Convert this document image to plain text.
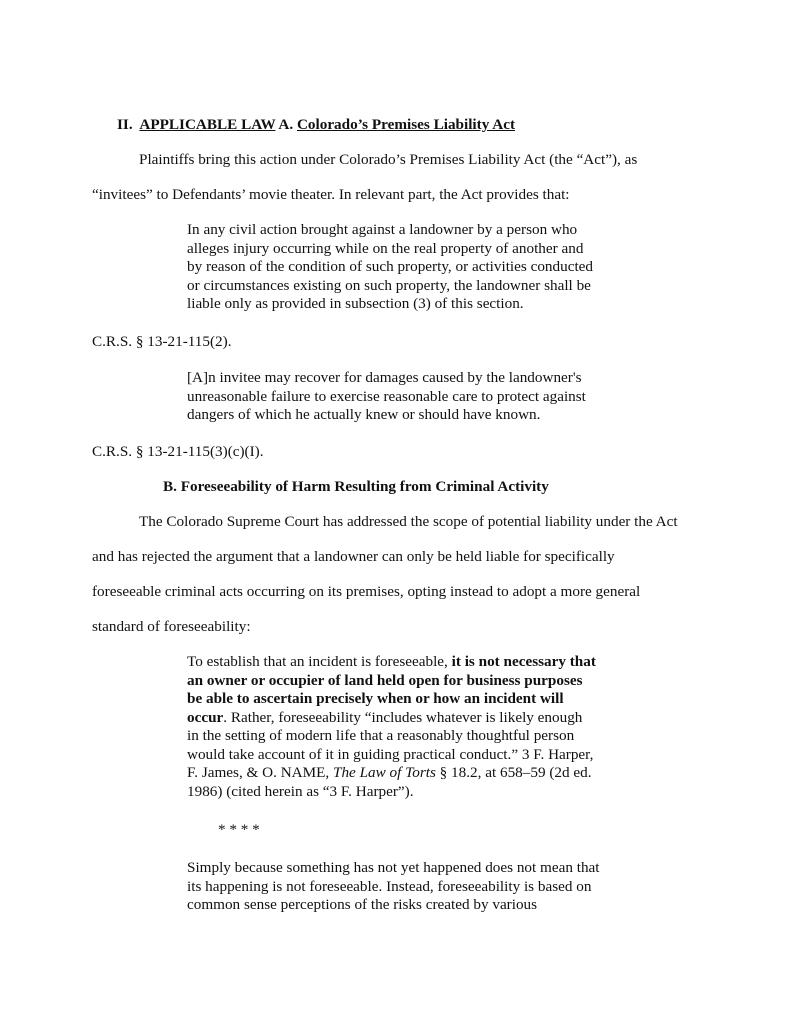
II. APPLICABLE LAW A. Colorado’s Premises Liability Act
Plaintiffs bring this action under Colorado’s Premises Liability Act (the “Act”), as
“invitees” to Defendants’ movie theater. In relevant part, the Act provides that:
In any civil action brought against a landowner by a person who
alleges injury occurring while on the real property of another and
by reason of the condition of such property, or activities conducted
or circumstances existing on such property, the landowner shall be
liable only as provided in subsection (3) of this section.
C.R.S. § 13-21-115(2).
[A]n invitee may recover for damages caused by the landowner's
unreasonable failure to exercise reasonable care to protect against
dangers of which he actually knew or should have known.
C.R.S. § 13-21-115(3)(c)(I).
B. Foreseeability of Harm Resulting from Criminal Activity
The Colorado Supreme Court has addressed the scope of potential liability under the Act
and has rejected the argument that a landowner can only be held liable for specifically
foreseeable criminal acts occurring on its premises, opting instead to adopt a more general
standard of foreseeability:
To establish that an incident is foreseeable, it is not necessary that
an owner or occupier of land held open for business purposes
be able to ascertain precisely when or how an incident will
occur. Rather, foreseeability “includes whatever is likely enough
in the setting of modern life that a reasonably thoughtful person
would take account of it in guiding practical conduct.” 3 F. Harper,
F. James, & O. NAME, The Law of Torts § 18.2, at 658–59 (2d ed.
1986) (cited herein as “3 F. Harper”).
* * * *
Simply because something has not yet happened does not mean that
its happening is not foreseeable. Instead, foreseeability is based on
common sense perceptions of the risks created by various
